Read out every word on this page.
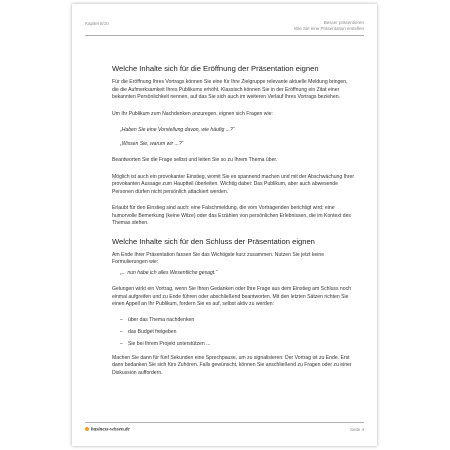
Kapitel 8/10	Besser präsentieren
Wie Sie eine Präsentation erstellen
Welche Inhalte sich für die Eröffnung der Präsentation eignen

Für die Eröffnung Ihres Vortrags können Sie eine für Ihre Zielgruppe relevante aktuelle Meldung bringen, die die Aufmerksamkeit Ihres Publikums erhöht. Klassisch können Sie in der Eröffnung ein Zitat einer bekannten Persönlichkeit nennen, auf das Sie sich auch im weiteren Verlauf Ihres Vortrags beziehen.

Um Ihr Publikum zum Nachdenken anzuregen, eignen sich Fragen wie:

„Haben Sie eine Vorstellung davon, wie häufig ...?“

„Wissen Sie, warum wir ...?“

Beantworten Sie die Frage selbst und leiten Sie so zu Ihrem Thema über.

Möglich ist auch ein provokanter Einstieg, womit Sie es spannend machen und mit der Abschwächung Ihrer provokanten Aussage zum Hauptteil überleiten. Wichtig dabei: Das Publikum, aber auch abwesende Personen dürfen nicht persönlich attackiert werden.

Erlaubt für den Einstieg sind auch: eine Falschmeldung, die vom Vortragenden berichtigt wird; eine humorvolle Bemerkung (keine Witze) oder das Erzählen von persönlichen Erlebnissen, die im Kontext des Themas stehen.

Welche Inhalte sich für den Schluss der Präsentation eignen

Am Ende Ihrer Präsentation fassen Sie das Wichtigste kurz zusammen. Nutzen Sie jetzt keine Formulierungen wie:

„... nun habe ich alles Wesentliche gesagt.“

Gelungen wirkt ein Vortrag, wenn Sie Ihren Gedanken oder Ihre Frage aus dem Einstieg am Schluss noch einmal aufgreifen und zu Ende führen oder abschließend beantworten. Mit den letzten Sätzen richten Sie einen Appell an Ihr Publikum, fordern Sie es auf, selbst aktiv zu werden:

– über das Thema nachdenken
– das Budget freigeben
– Sie bei Ihrem Projekt unterstützen ...

Machen Sie dann für fünf Sekunden eine Sprechpause, um zu signalisieren: Der Vortrag ist zu Ende. Erst dann bedanken Sie sich fürs Zuhören. Falls gewünscht, können Sie anschließend zu Fragen oder zu einer Diskussion auffordern.

business-wissen.de	Seite 4
